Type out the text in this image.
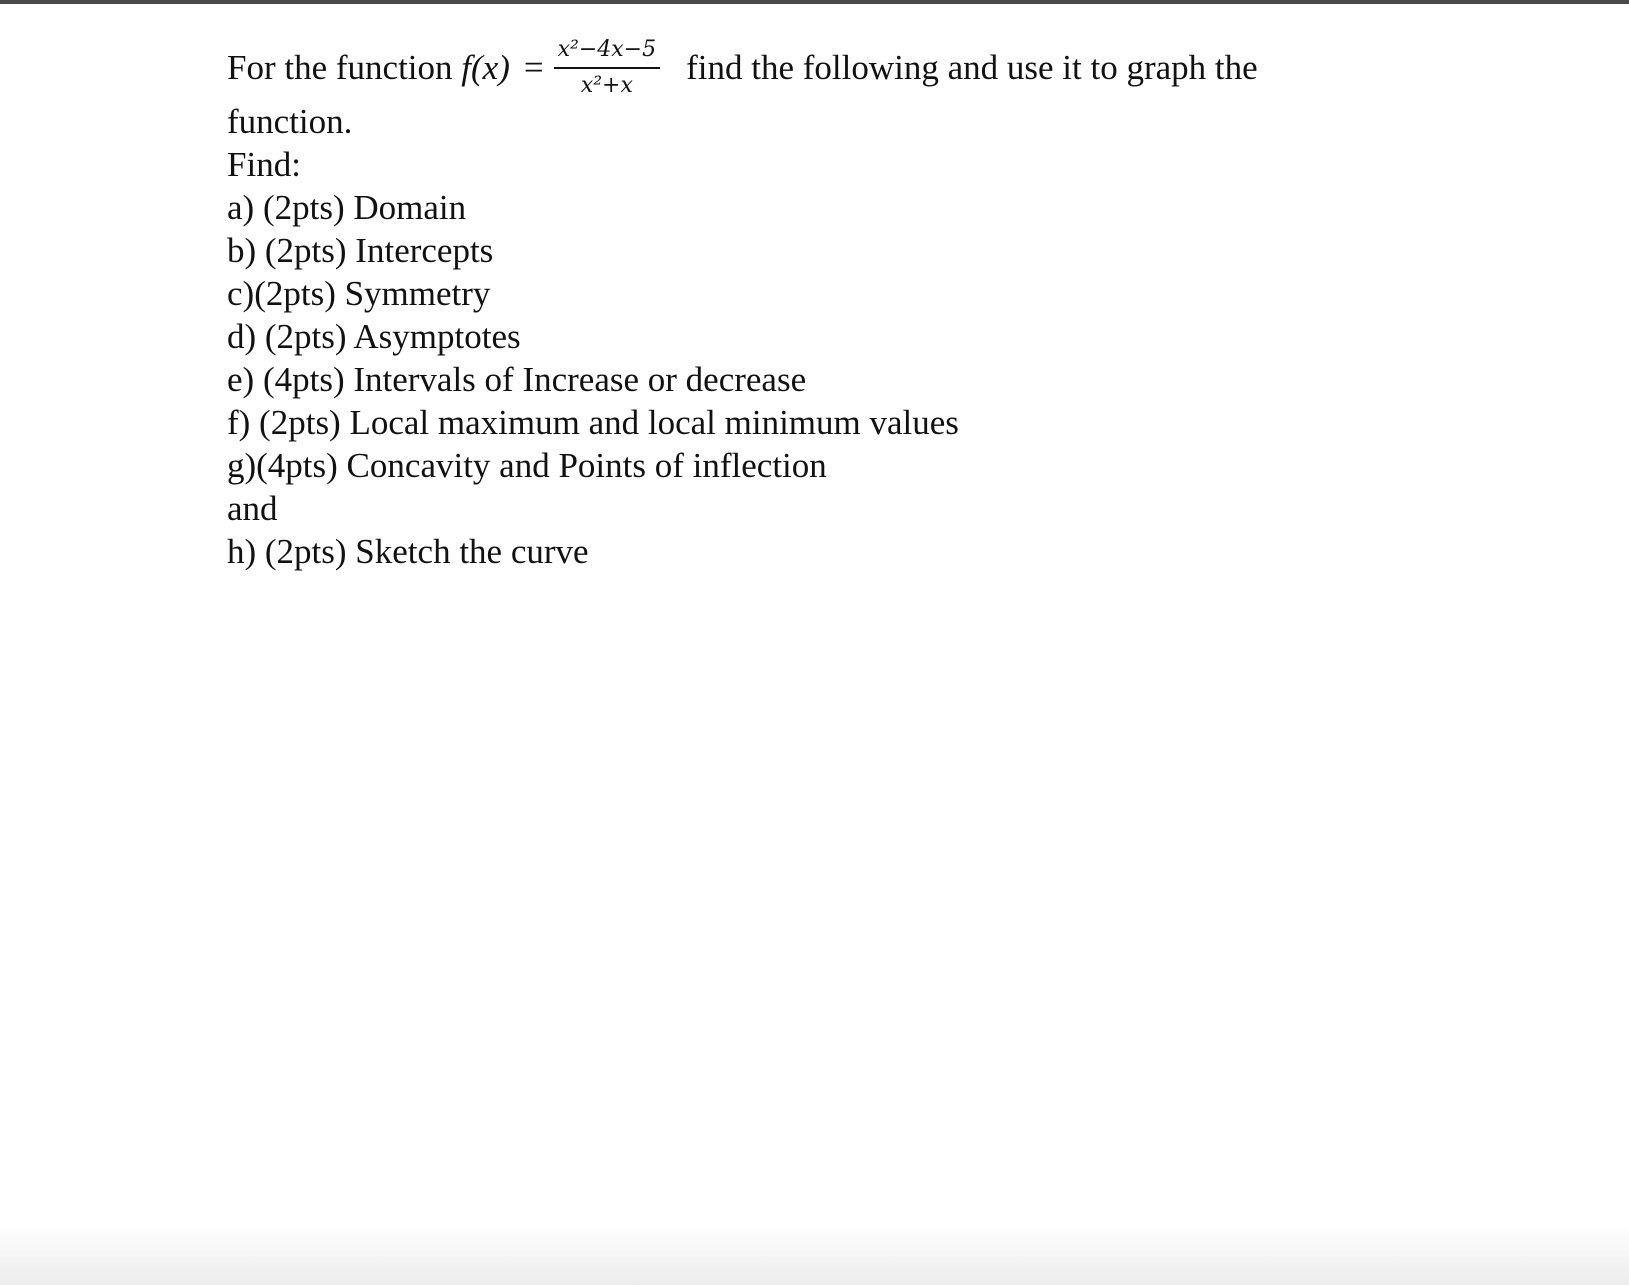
For the function
$f(x) = \frac{\text{x²−4x−5}}{\text{x²+x}}$ find the following and use it to graph the
function.
Find:
a) (2pts) Domain
b) (2pts) Intercepts
c)(2pts) Symmetry
d) (2pts) Asymptotes
e) (4pts) Intervals of Increase or decrease
f) (2pts) Local maximum and local minimum values
g)(4pts) Concavity and Points of inflection
and
h) (2pts) Sketch the curve
